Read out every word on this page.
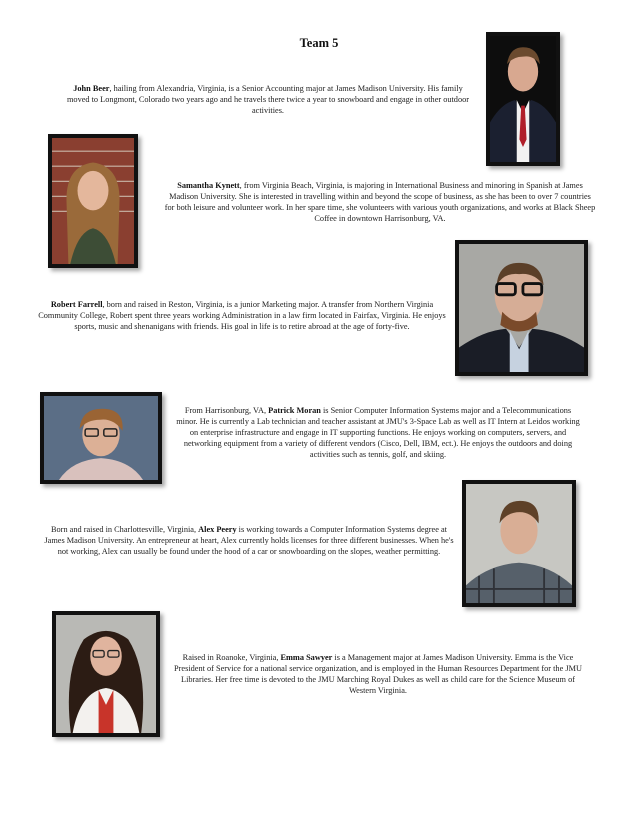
Team 5
John Beer, hailing from Alexandria, Virginia, is a Senior Accounting major at James Madison University. His family moved to Longmont, Colorado two years ago and he travels there twice a year to snowboard and engage in other outdoor activities.
Samantha Kynett, from Virginia Beach, Virginia, is majoring in International Business and minoring in Spanish at James Madison University. She is interested in travelling within and beyond the scope of business, as she has been to over 7 countries for both leisure and volunteer work. In her spare time, she volunteers with various youth organizations, and works at Black Sheep Coffee in downtown Harrisonburg, VA.
Robert Farrell, born and raised in Reston, Virginia, is a junior Marketing major. A transfer from Northern Virginia Community College, Robert spent three years working Administration in a law firm located in Fairfax, Virginia. He enjoys sports, music and shenanigans with friends. His goal in life is to retire abroad at the age of forty-five.
From Harrisonburg, VA, Patrick Moran is Senior Computer Information Systems major and a Telecommunications minor. He is currently a Lab technician and teacher assistant at JMU's 3-Space Lab as well as IT Intern at Leidos working on enterprise infrastructure and engage in IT supporting functions. He enjoys working on computers, servers, and networking equipment from a variety of different vendors (Cisco, Dell, IBM, ect.). He enjoys the outdoors and doing activities such as tennis, golf, and skiing.
Born and raised in Charlottesville, Virginia, Alex Peery is working towards a Computer Information Systems degree at James Madison University. An entrepreneur at heart, Alex currently holds licenses for three different businesses. When he's not working, Alex can usually be found under the hood of a car or snowboarding on the slopes, weather permitting.
Raised in Roanoke, Virginia, Emma Sawyer is a Management major at James Madison University. Emma is the Vice President of Service for a national service organization, and is employed in the Human Resources Department for the JMU Libraries. Her free time is devoted to the JMU Marching Royal Dukes as well as child care for the Science Museum of Western Virginia.
